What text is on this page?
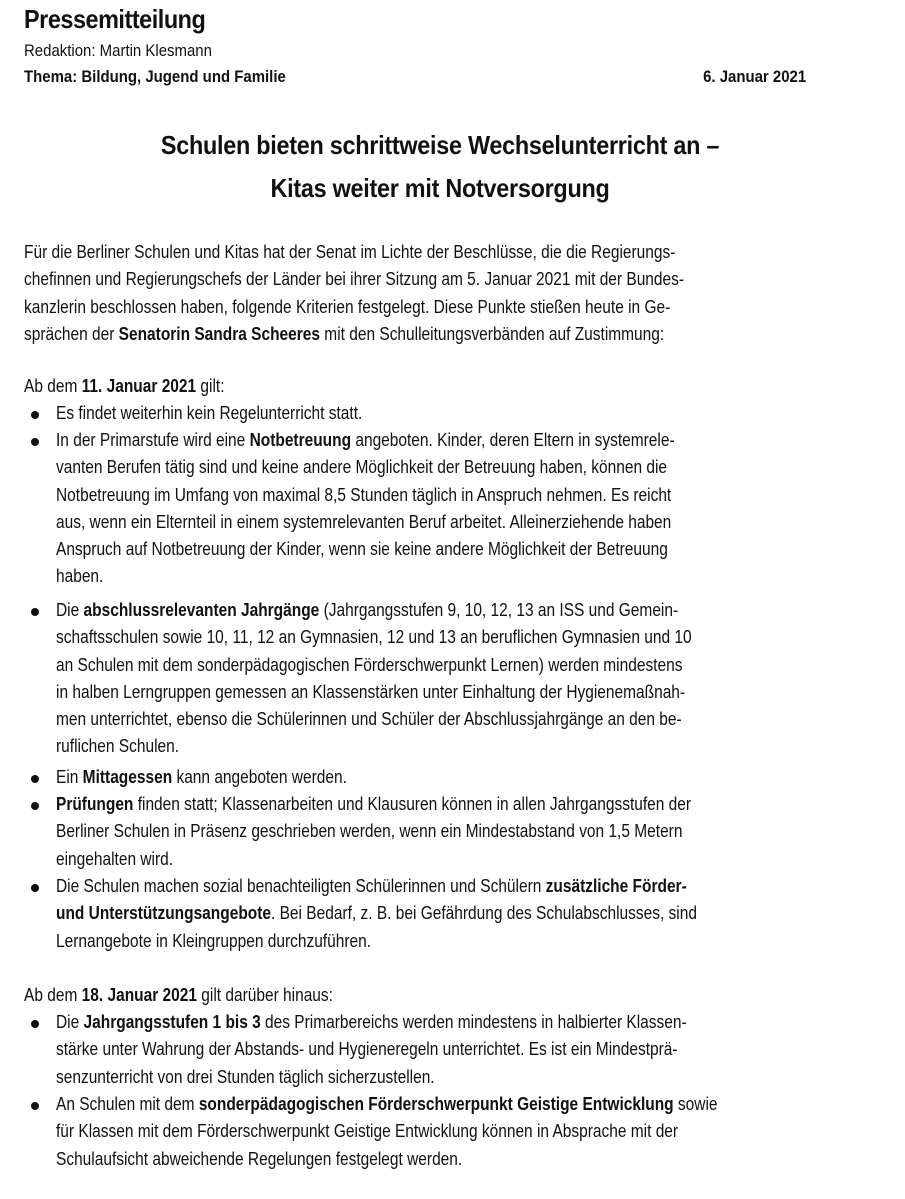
Pressemitteilung
Redaktion: Martin Klesmann
Thema: Bildung, Jugend und Familie	6. Januar 2021
Schulen bieten schrittweise Wechselunterricht an –
Kitas weiter mit Notversorgung
Für die Berliner Schulen und Kitas hat der Senat im Lichte der Beschlüsse, die die Regierungs-
chefinnen und Regierungschefs der Länder bei ihrer Sitzung am 5. Januar 2021 mit der Bundes-
kanzlerin beschlossen haben, folgende Kriterien festgelegt. Diese Punkte stießen heute in Ge-
sprächen der Senatorin Sandra Scheeres mit den Schulleitungsverbänden auf Zustimmung:
Ab dem 11. Januar 2021 gilt:
Es findet weiterhin kein Regelunterricht statt.
In der Primarstufe wird eine Notbetreuung angeboten. Kinder, deren Eltern in systemrele-
vanten Berufen tätig sind und keine andere Möglichkeit der Betreuung haben, können die
Notbetreuung im Umfang von maximal 8,5 Stunden täglich in Anspruch nehmen. Es reicht
aus, wenn ein Elternteil in einem systemrelevanten Beruf arbeitet. Alleinerziehende haben
Anspruch auf Notbetreuung der Kinder, wenn sie keine andere Möglichkeit der Betreuung
haben.
Die abschlussrelevanten Jahrgänge (Jahrgangsstufen 9, 10, 12, 13 an ISS und Gemein-
schaftsschulen sowie 10, 11, 12 an Gymnasien, 12 und 13 an beruflichen Gymnasien und 10
an Schulen mit dem sonderpädagogischen Förderschwerpunkt Lernen) werden mindestens
in halben Lerngruppen gemessen an Klassenstärken unter Einhaltung der Hygienemaßnah-
men unterrichtet, ebenso die Schülerinnen und Schüler der Abschlussjahrgänge an den be-
ruflichen Schulen.
Ein Mittagessen kann angeboten werden.
Prüfungen finden statt; Klassenarbeiten und Klausuren können in allen Jahrgangsstufen der
Berliner Schulen in Präsenz geschrieben werden, wenn ein Mindestabstand von 1,5 Metern
eingehalten wird.
Die Schulen machen sozial benachteiligten Schülerinnen und Schülern zusätzliche Förder-
und Unterstützungsangebote. Bei Bedarf, z. B. bei Gefährdung des Schulabschlusses, sind
Lernangebote in Kleingruppen durchzuführen.
Ab dem 18. Januar 2021 gilt darüber hinaus:
Die Jahrgangsstufen 1 bis 3 des Primarbereichs werden mindestens in halbierter Klassen-
stärke unter Wahrung der Abstands- und Hygieneregeln unterrichtet. Es ist ein Mindestprä-
senzunterricht von drei Stunden täglich sicherzustellen.
An Schulen mit dem sonderpädagogischen Förderschwerpunkt Geistige Entwicklung sowie
für Klassen mit dem Förderschwerpunkt Geistige Entwicklung können in Absprache mit der
Schulaufsicht abweichende Regelungen festgelegt werden.
